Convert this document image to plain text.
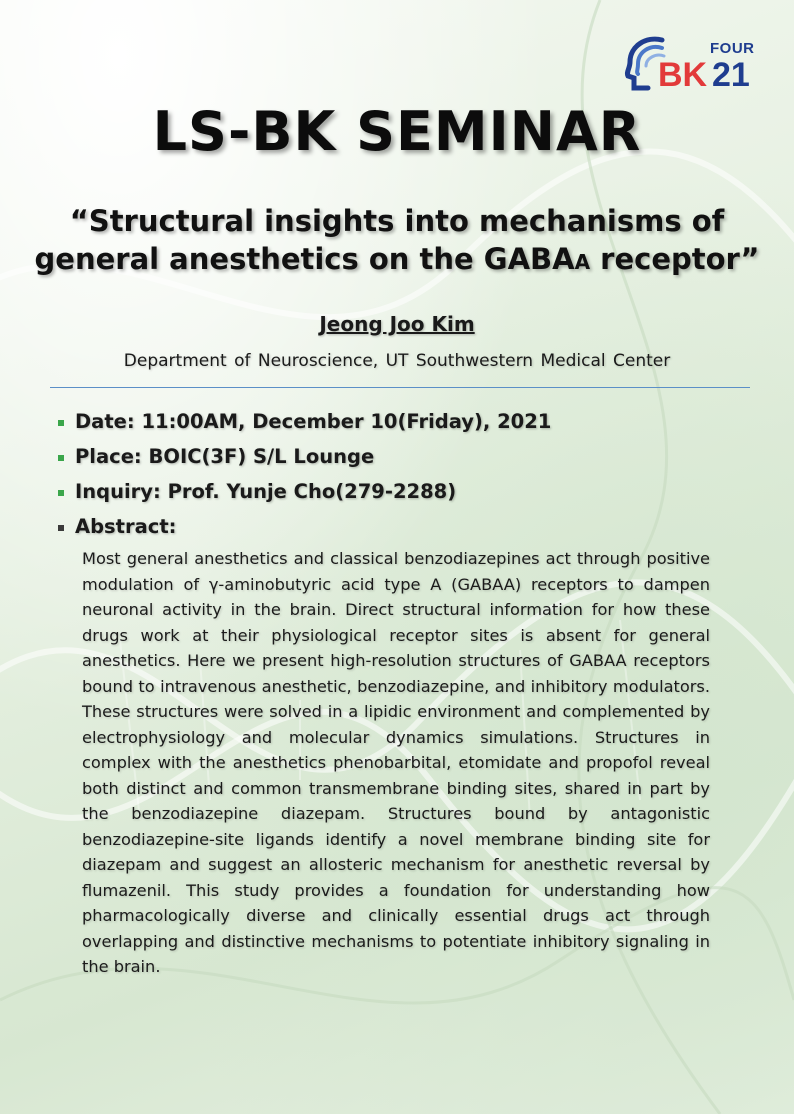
FOUR
BK 21
LS-BK SEMINAR
“Structural insights into mechanisms of
general anesthetics on the GABAA receptor”
Jeong Joo Kim
Department of Neuroscience, UT Southwestern Medical Center
Date: 11:00AM, December 10(Friday), 2021
Place: BOIC(3F) S/L Lounge
Inquiry: Prof. Yunje Cho(279-2288)
Abstract:

Most general anesthetics and classical benzodiazepines act through positive modulation of γ-aminobutyric acid type A (GABAA) receptors to dampen neuronal activity in the brain. Direct structural information for how these drugs work at their physiological receptor sites is absent for general anesthetics. Here we present high-resolution structures of GABAA receptors bound to intravenous anesthetic, benzodiazepine, and inhibitory modulators. These structures were solved in a lipidic environment and complemented by electrophysiology and molecular dynamics simulations. Structures in complex with the anesthetics phenobarbital, etomidate and propofol reveal both distinct and common transmembrane binding sites, shared in part by the benzodiazepine diazepam. Structures bound by antagonistic benzodiazepine-site ligands identify a novel membrane binding site for diazepam and suggest an allosteric mechanism for anesthetic reversal by flumazenil. This study provides a foundation for understanding how pharmacologically diverse and clinically essential drugs act through overlapping and distinctive mechanisms to potentiate inhibitory signaling in the brain.
